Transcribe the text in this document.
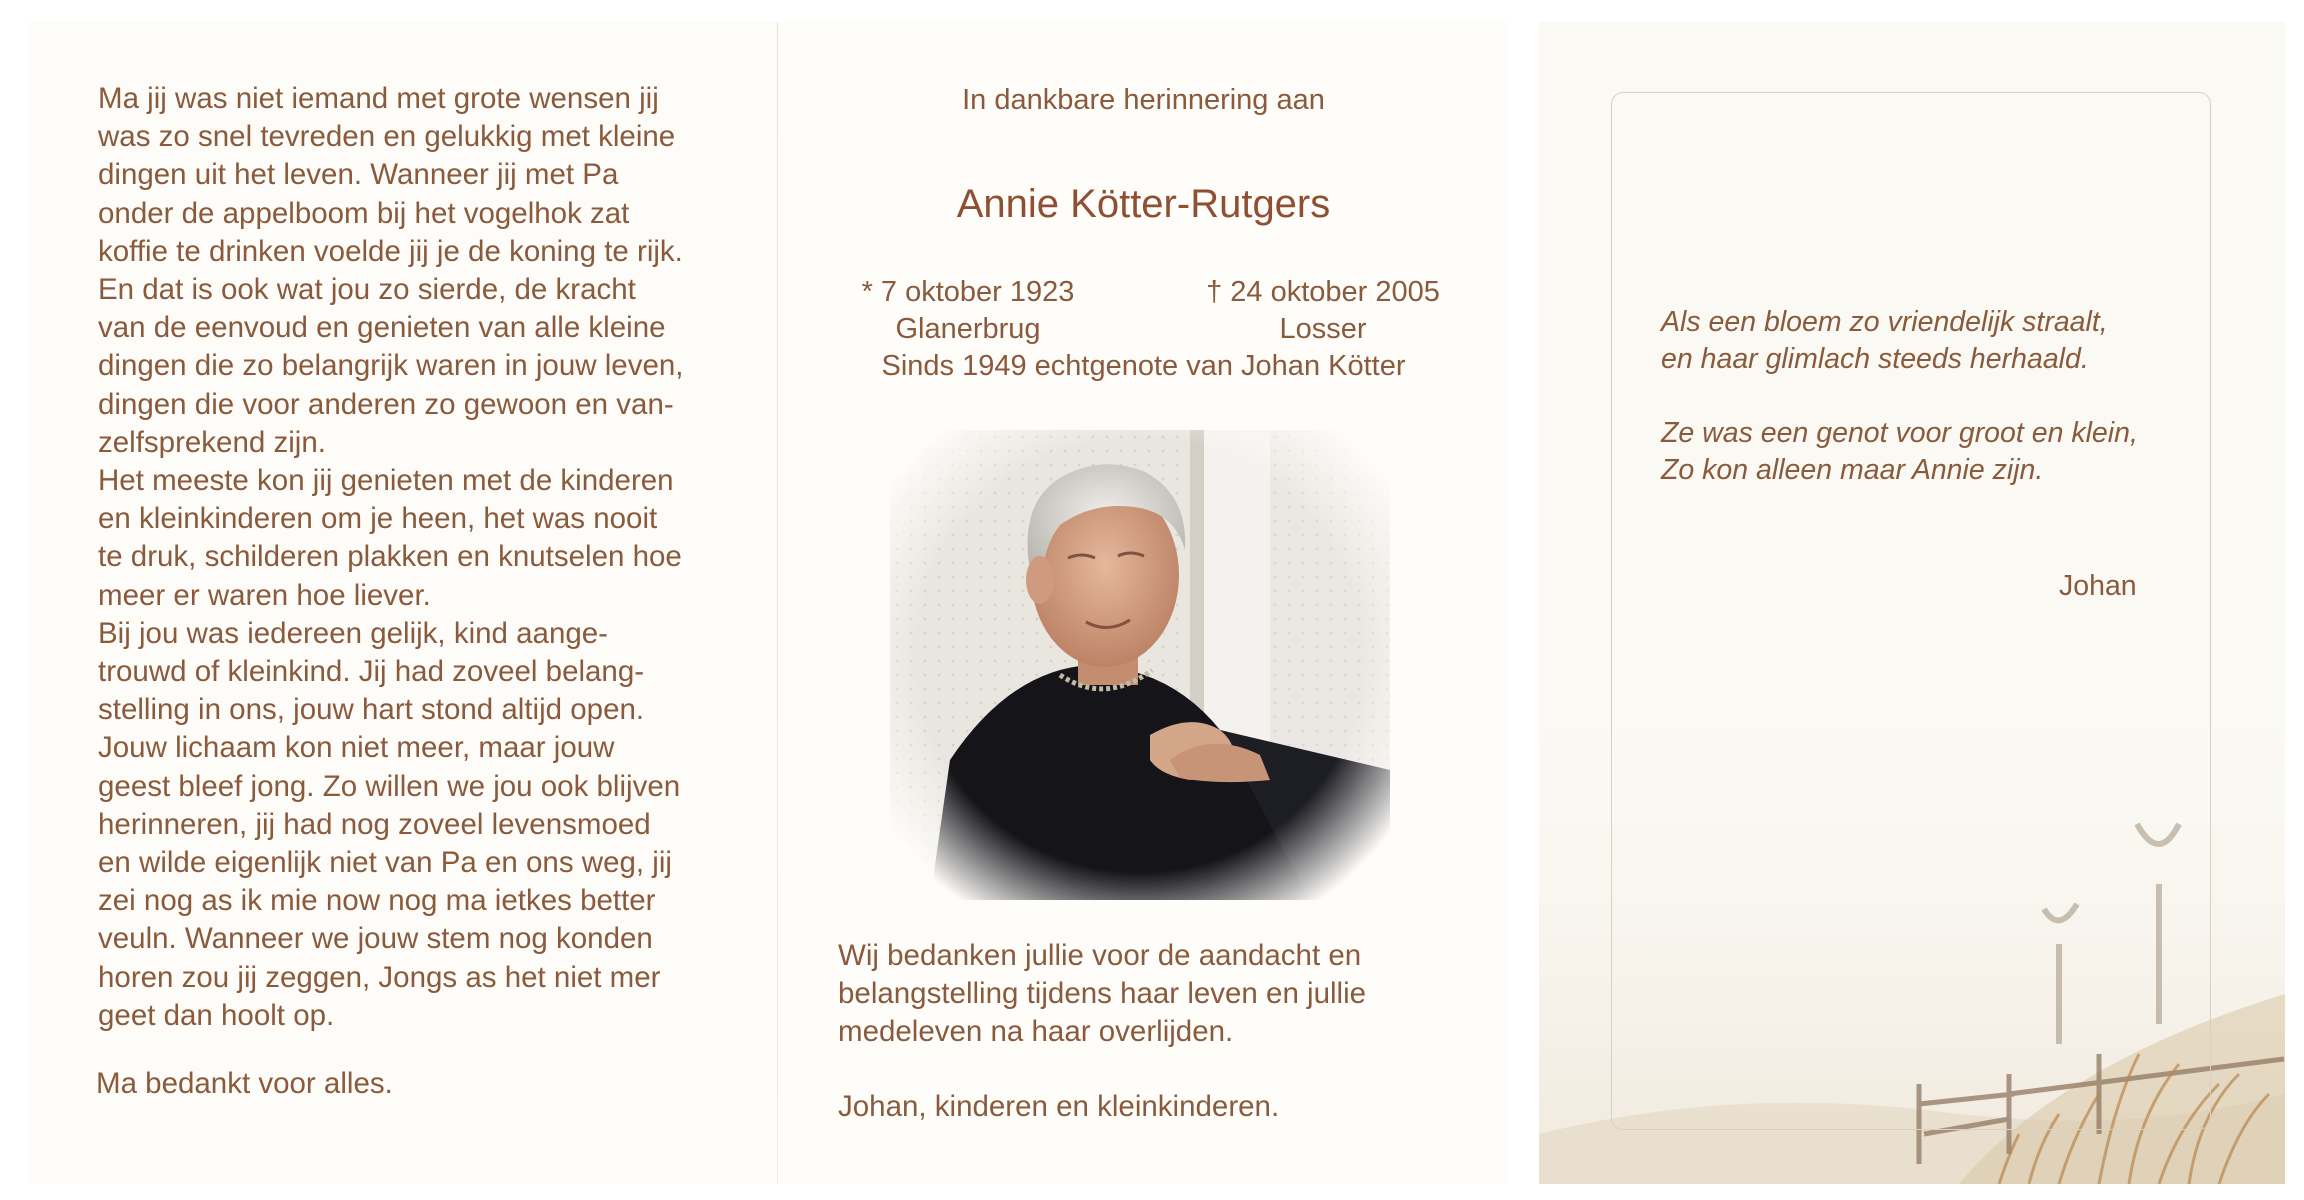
Ma jij was niet iemand met grote wensen jij
was zo snel tevreden en gelukkig met kleine
dingen uit het leven. Wanneer jij met Pa
onder de appelboom bij het vogelhok zat
koffie te drinken voelde jij je de koning te rijk.
En dat is ook wat jou zo sierde, de kracht
van de eenvoud en genieten van alle kleine
dingen die zo belangrijk waren in jouw leven,
dingen die voor anderen zo gewoon en van-
zelfsprekend zijn.
Het meeste kon jij genieten met de kinderen
en kleinkinderen om je heen, het was nooit
te druk, schilderen plakken en knutselen hoe
meer er waren hoe liever.
Bij jou was iedereen gelijk, kind aange-
trouwd of kleinkind. Jij had zoveel belang-
stelling in ons, jouw hart stond altijd open.
Jouw lichaam kon niet meer, maar jouw
geest bleef jong. Zo willen we jou ook blijven
herinneren, jij had nog zoveel levensmoed
en wilde eigenlijk niet van Pa en ons weg, jij
zei nog as ik mie now nog ma ietkes better
veuln. Wanneer we jouw stem nog konden
horen zou jij zeggen, Jongs as het niet mer
geet dan hoolt op.

Ma bedankt voor alles.

In dankbare herinnering aan
Annie Kötter-Rutgers
* 7 oktober 1923
Glanerbrug
† 24 oktober 2005
Losser
Sinds 1949 echtgenote van Johan Kötter

Wij bedanken jullie voor de aandacht en
belangstelling tijdens haar leven en jullie
medeleven na haar overlijden.

Johan, kinderen en kleinkinderen.

Als een bloem zo vriendelijk straalt,
en haar glimlach steeds herhaald.

Ze was een genot voor groot en klein,
Zo kon alleen maar Annie zijn.

Johan
